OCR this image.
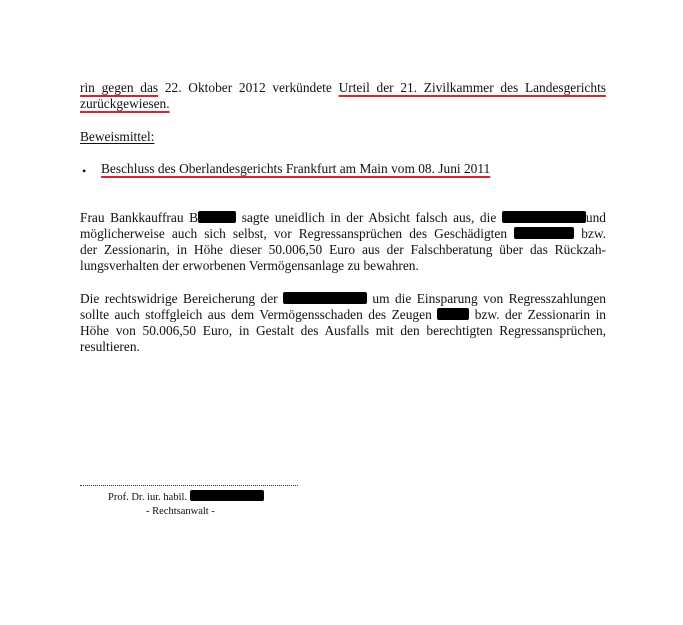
rin gegen das 22. Oktober 2012 verkündete Urteil der 21. Zivilkammer des Landesgerichts
zurückgewiesen.
Beweismittel:
• Beschluss des Oberlandesgerichts Frankfurt am Main vom 08. Juni 2011
Frau Bankkauffrau B	sagte uneidlich in der Absicht falsch aus, die	und
möglicherweise auch sich selbst, vor Regressansprüchen des Geschädigten	bzw.
der Zessionarin, in Höhe dieser 50.006,50 Euro aus der Falschberatung über das Rückzah-
lungsverhalten der erworbenen Vermögensanlage zu bewahren.
Die rechtswidrige Bereicherung der	um die Einsparung von Regresszahlungen
sollte auch stoffgleich aus dem Vermögensschaden des Zeugen  bzw. der Zessionarin in
Höhe von 50.006,50 Euro, in Gestalt des Ausfalls mit den berechtigten Regressansprüchen,
resultieren.
Prof. Dr. iur. habil.
- Rechtsanwalt -
